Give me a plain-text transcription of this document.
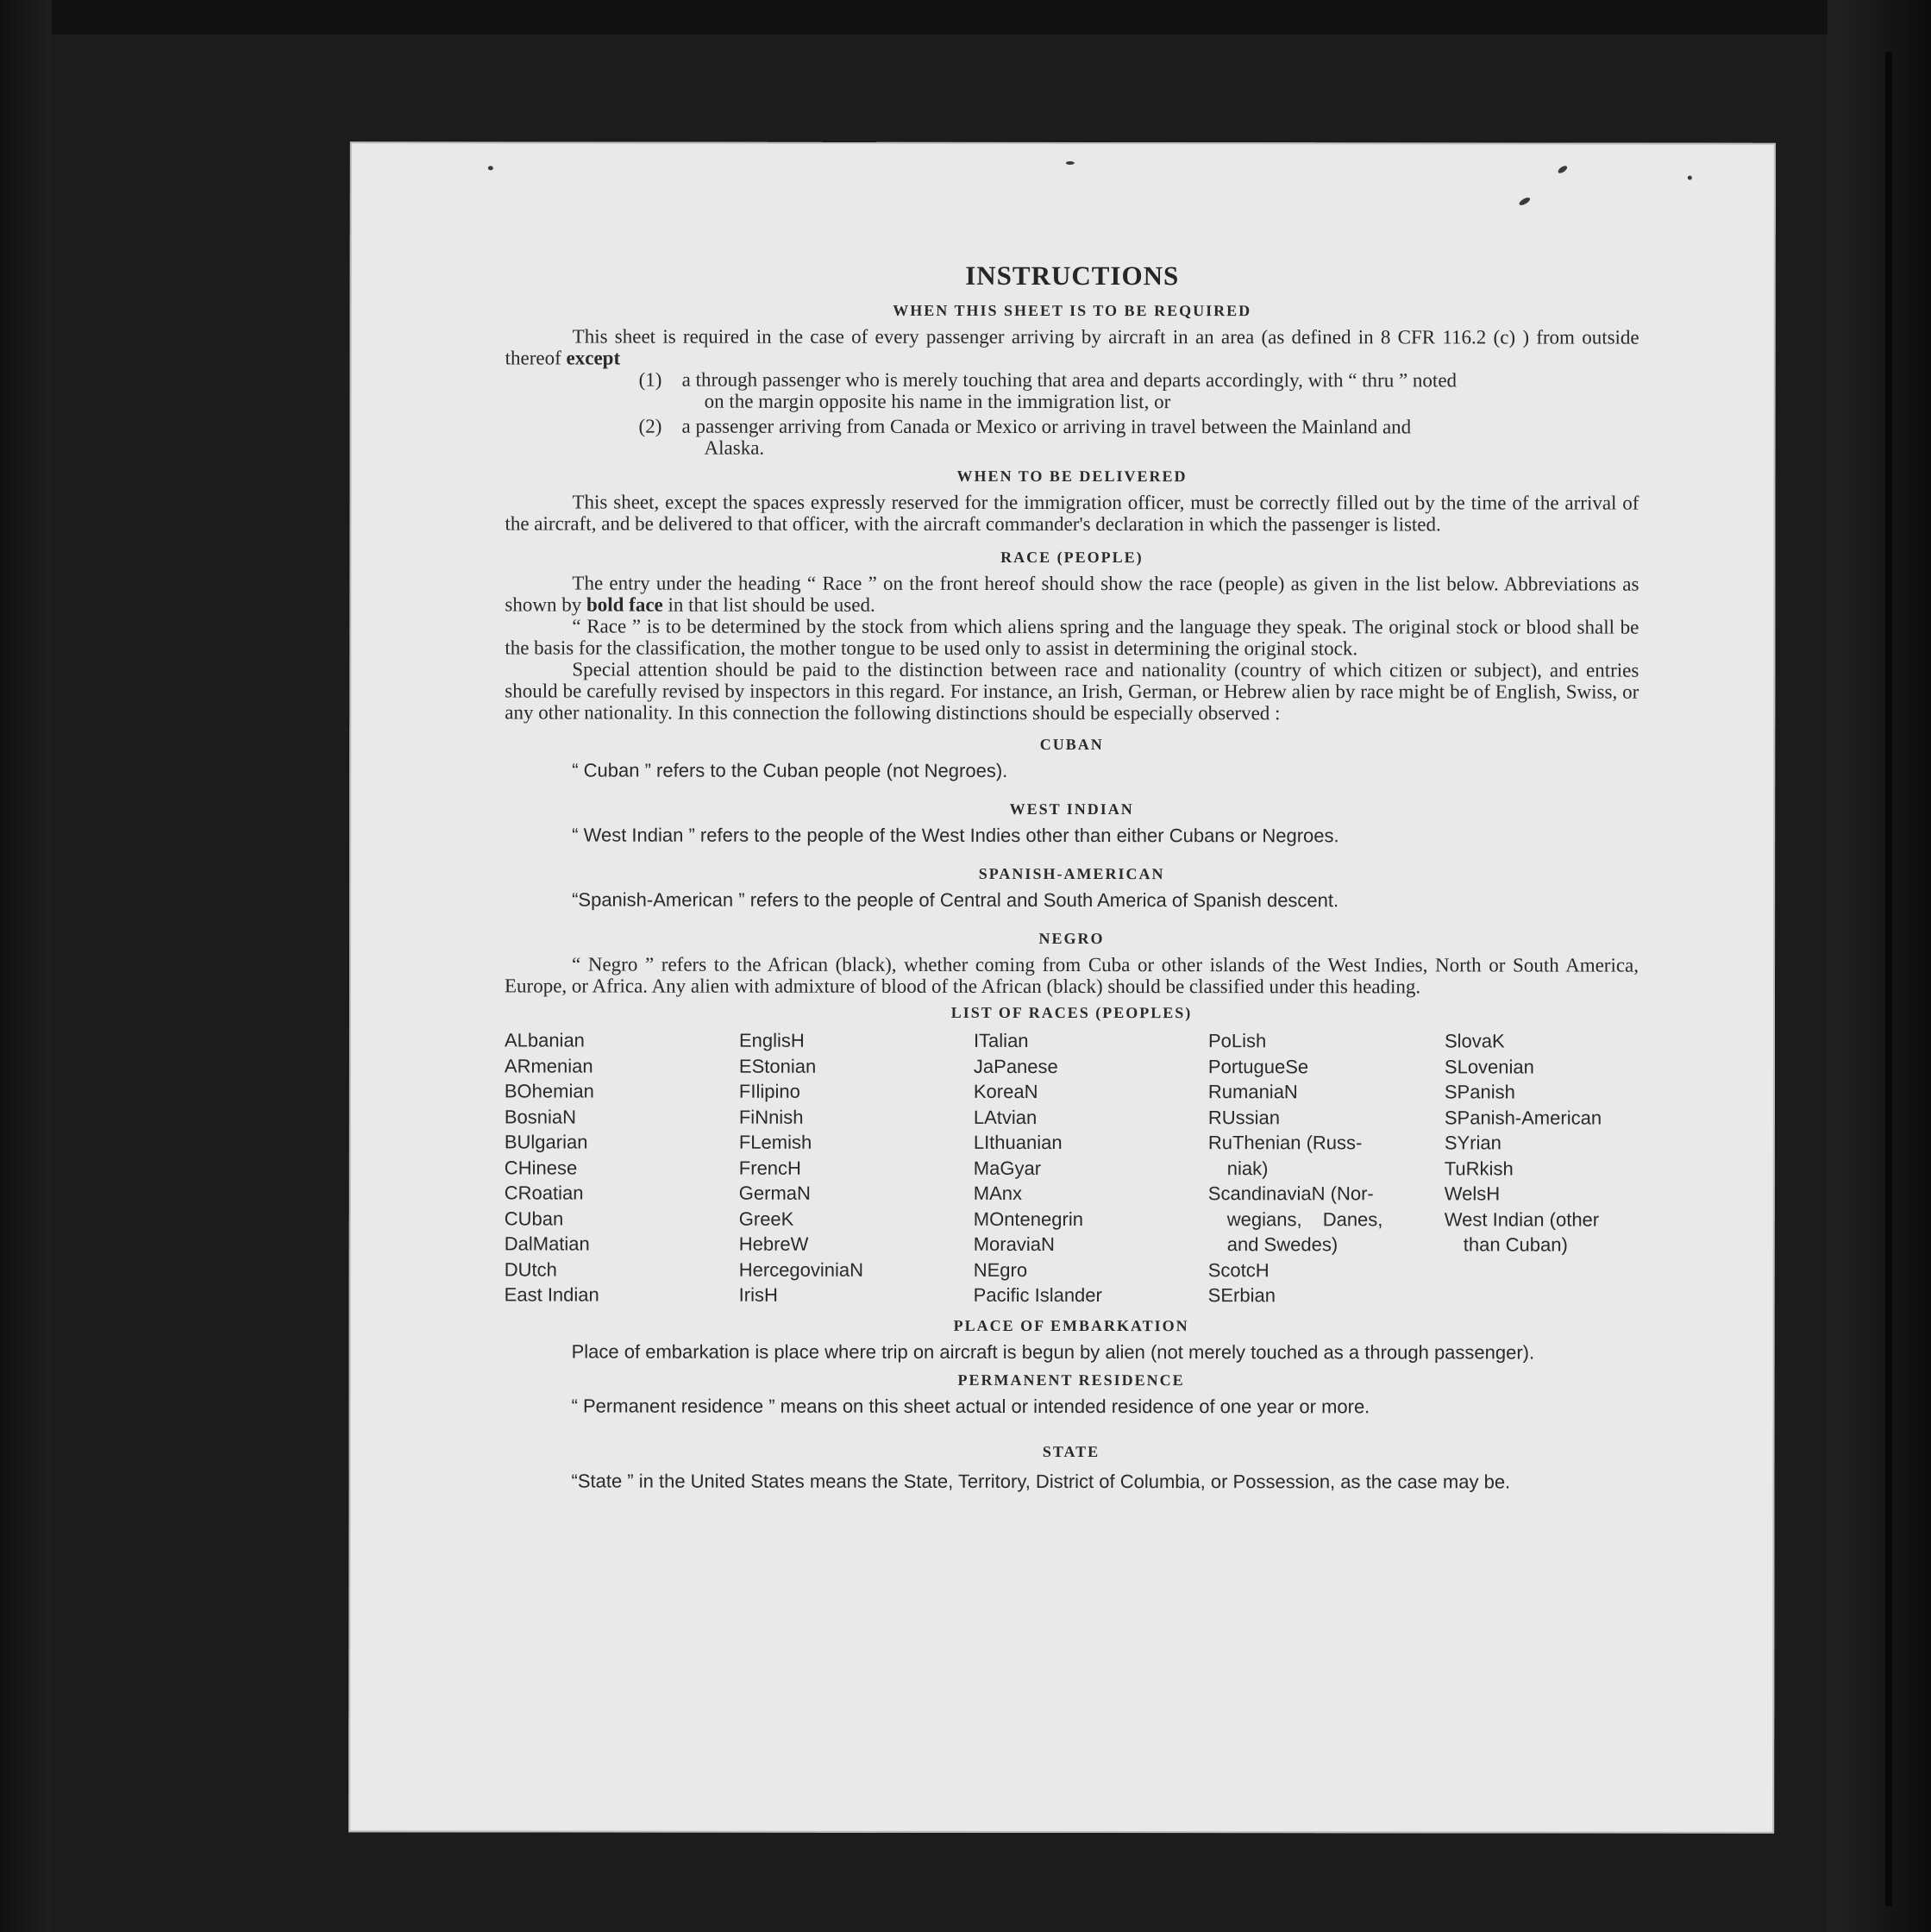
INSTRUCTIONS
WHEN THIS SHEET IS TO BE REQUIRED

This sheet is required in the case of every passenger arriving by aircraft in an area (as defined in 8 CFR 116.2 (c) ) from outside thereof except

(1)	a through passenger who is merely touching that area and departs accordingly, with “ thru ” noted
on the margin opposite his name in the immigration list, or
(2)	a passenger arriving from Canada or Mexico or arriving in travel between the Mainland and
Alaska.
WHEN TO BE DELIVERED

This sheet, except the spaces expressly reserved for the immigration officer, must be correctly filled out by the time of the arrival of the aircraft, and be delivered to that officer, with the aircraft commander's declaration in which the passenger is listed.

RACE (PEOPLE)

The entry under the heading “ Race ” on the front hereof should show the race (people) as given in the list below. Abbreviations as shown by bold face in that list should be used.

“ Race ” is to be determined by the stock from which aliens spring and the language they speak. The original stock or blood shall be the basis for the classification, the mother tongue to be used only to assist in determining the original stock.

Special attention should be paid to the distinction between race and nationality (country of which citizen or subject), and entries should be carefully revised by inspectors in this regard. For instance, an Irish, German, or Hebrew alien by race might be of English, Swiss, or any other nationality. In this connection the following distinctions should be especially observed :

CUBAN

“ Cuban ” refers to the Cuban people (not Negroes).

WEST INDIAN

“ West Indian ” refers to the people of the West Indies other than either Cubans or Negroes.

SPANISH-AMERICAN

“Spanish-American ” refers to the people of Central and South America of Spanish descent.

NEGRO

“ Negro ” refers to the African (black), whether coming from Cuba or other islands of the West Indies, North or South America, Europe, or Africa. Any alien with admixture of blood of the African (black) should be classified under this heading.

LIST OF RACES (PEOPLES)
ALbanian
ARmenian
BOhemian
BosniaN
BUlgarian
CHinese
CRoatian
CUban
DalMatian
DUtch
East Indian
EnglisH
EStonian
FIlipino
FiNnish
FLemish
FrencH
GermaN
GreeK
HebreW
HercegoviniaN
IrisH
ITalian
JaPanese
KoreaN
LAtvian
LIthuanian
MaGyar
MAnx
MOntenegrin
MoraviaN
NEgro
Pacific Islander
PoLish
PortugueSe
RumaniaN
RUssian
RuThenian (Russ-
niak)
ScandinaviaN (Nor-
wegians, Danes,
and Swedes)
ScotcH
SErbian
SlovaK
SLovenian
SPanish
SPanish-American
SYrian
TuRkish
WelsH
West Indian (other
than Cuban)
PLACE OF EMBARKATION

Place of embarkation is place where trip on aircraft is begun by alien (not merely touched as a through passenger).

PERMANENT RESIDENCE

“ Permanent residence ” means on this sheet actual or intended residence of one year or more.

STATE

“State ” in the United States means the State, Territory, District of Columbia, or Possession, as the case may be.
